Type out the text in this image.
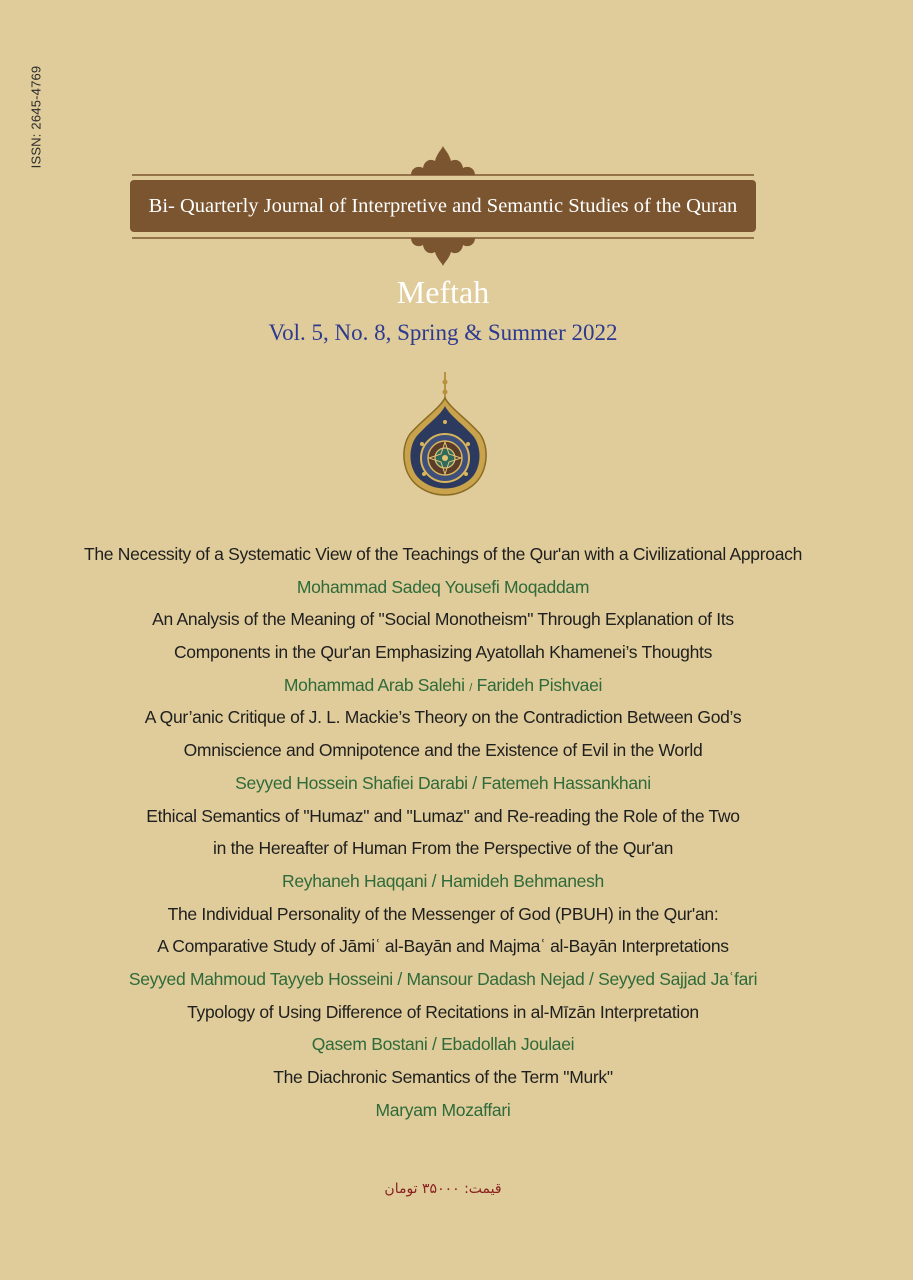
ISSN: 2645-4769
Bi- Quarterly Journal of Interpretive and Semantic Studies of the Quran
Meftah
Vol. 5, No. 8, Spring & Summer 2022
The Necessity of a Systematic View of the Teachings of the Qur'an with a Civilizational Approach
Mohammad Sadeq Yousefi Moqaddam
An Analysis of the Meaning of "Social Monotheism" Through Explanation of Its
Components in the Qur'an Emphasizing Ayatollah Khamenei’s Thoughts
Mohammad Arab Salehi / Farideh Pishvaei
A Qur’anic Critique of J. L. Mackie’s Theory on the Contradiction Between God’s
Omniscience and Omnipotence and the Existence of Evil in the World
Seyyed Hossein Shafiei Darabi / Fatemeh Hassankhani
Ethical Semantics of "Humaz" and "Lumaz" and Re-reading the Role of the Two
in the Hereafter of Human From the Perspective of the Qur'an
Reyhaneh Haqqani / Hamideh Behmanesh
The Individual Personality of the Messenger of God (PBUH) in the Qur'an:
A Comparative Study of Jāmiʿ al-Bayān and Majmaʿ al-Bayān Interpretations
Seyyed Mahmoud Tayyeb Hosseini / Mansour Dadash Nejad / Seyyed Sajjad Jaʿfari
Typology of Using Difference of Recitations in al-Mīzān Interpretation
Qasem Bostani / Ebadollah Joulaei
The Diachronic Semantics of the Term "Murk"
Maryam Mozaffari
قیمت: ۳۵۰۰۰ تومان
